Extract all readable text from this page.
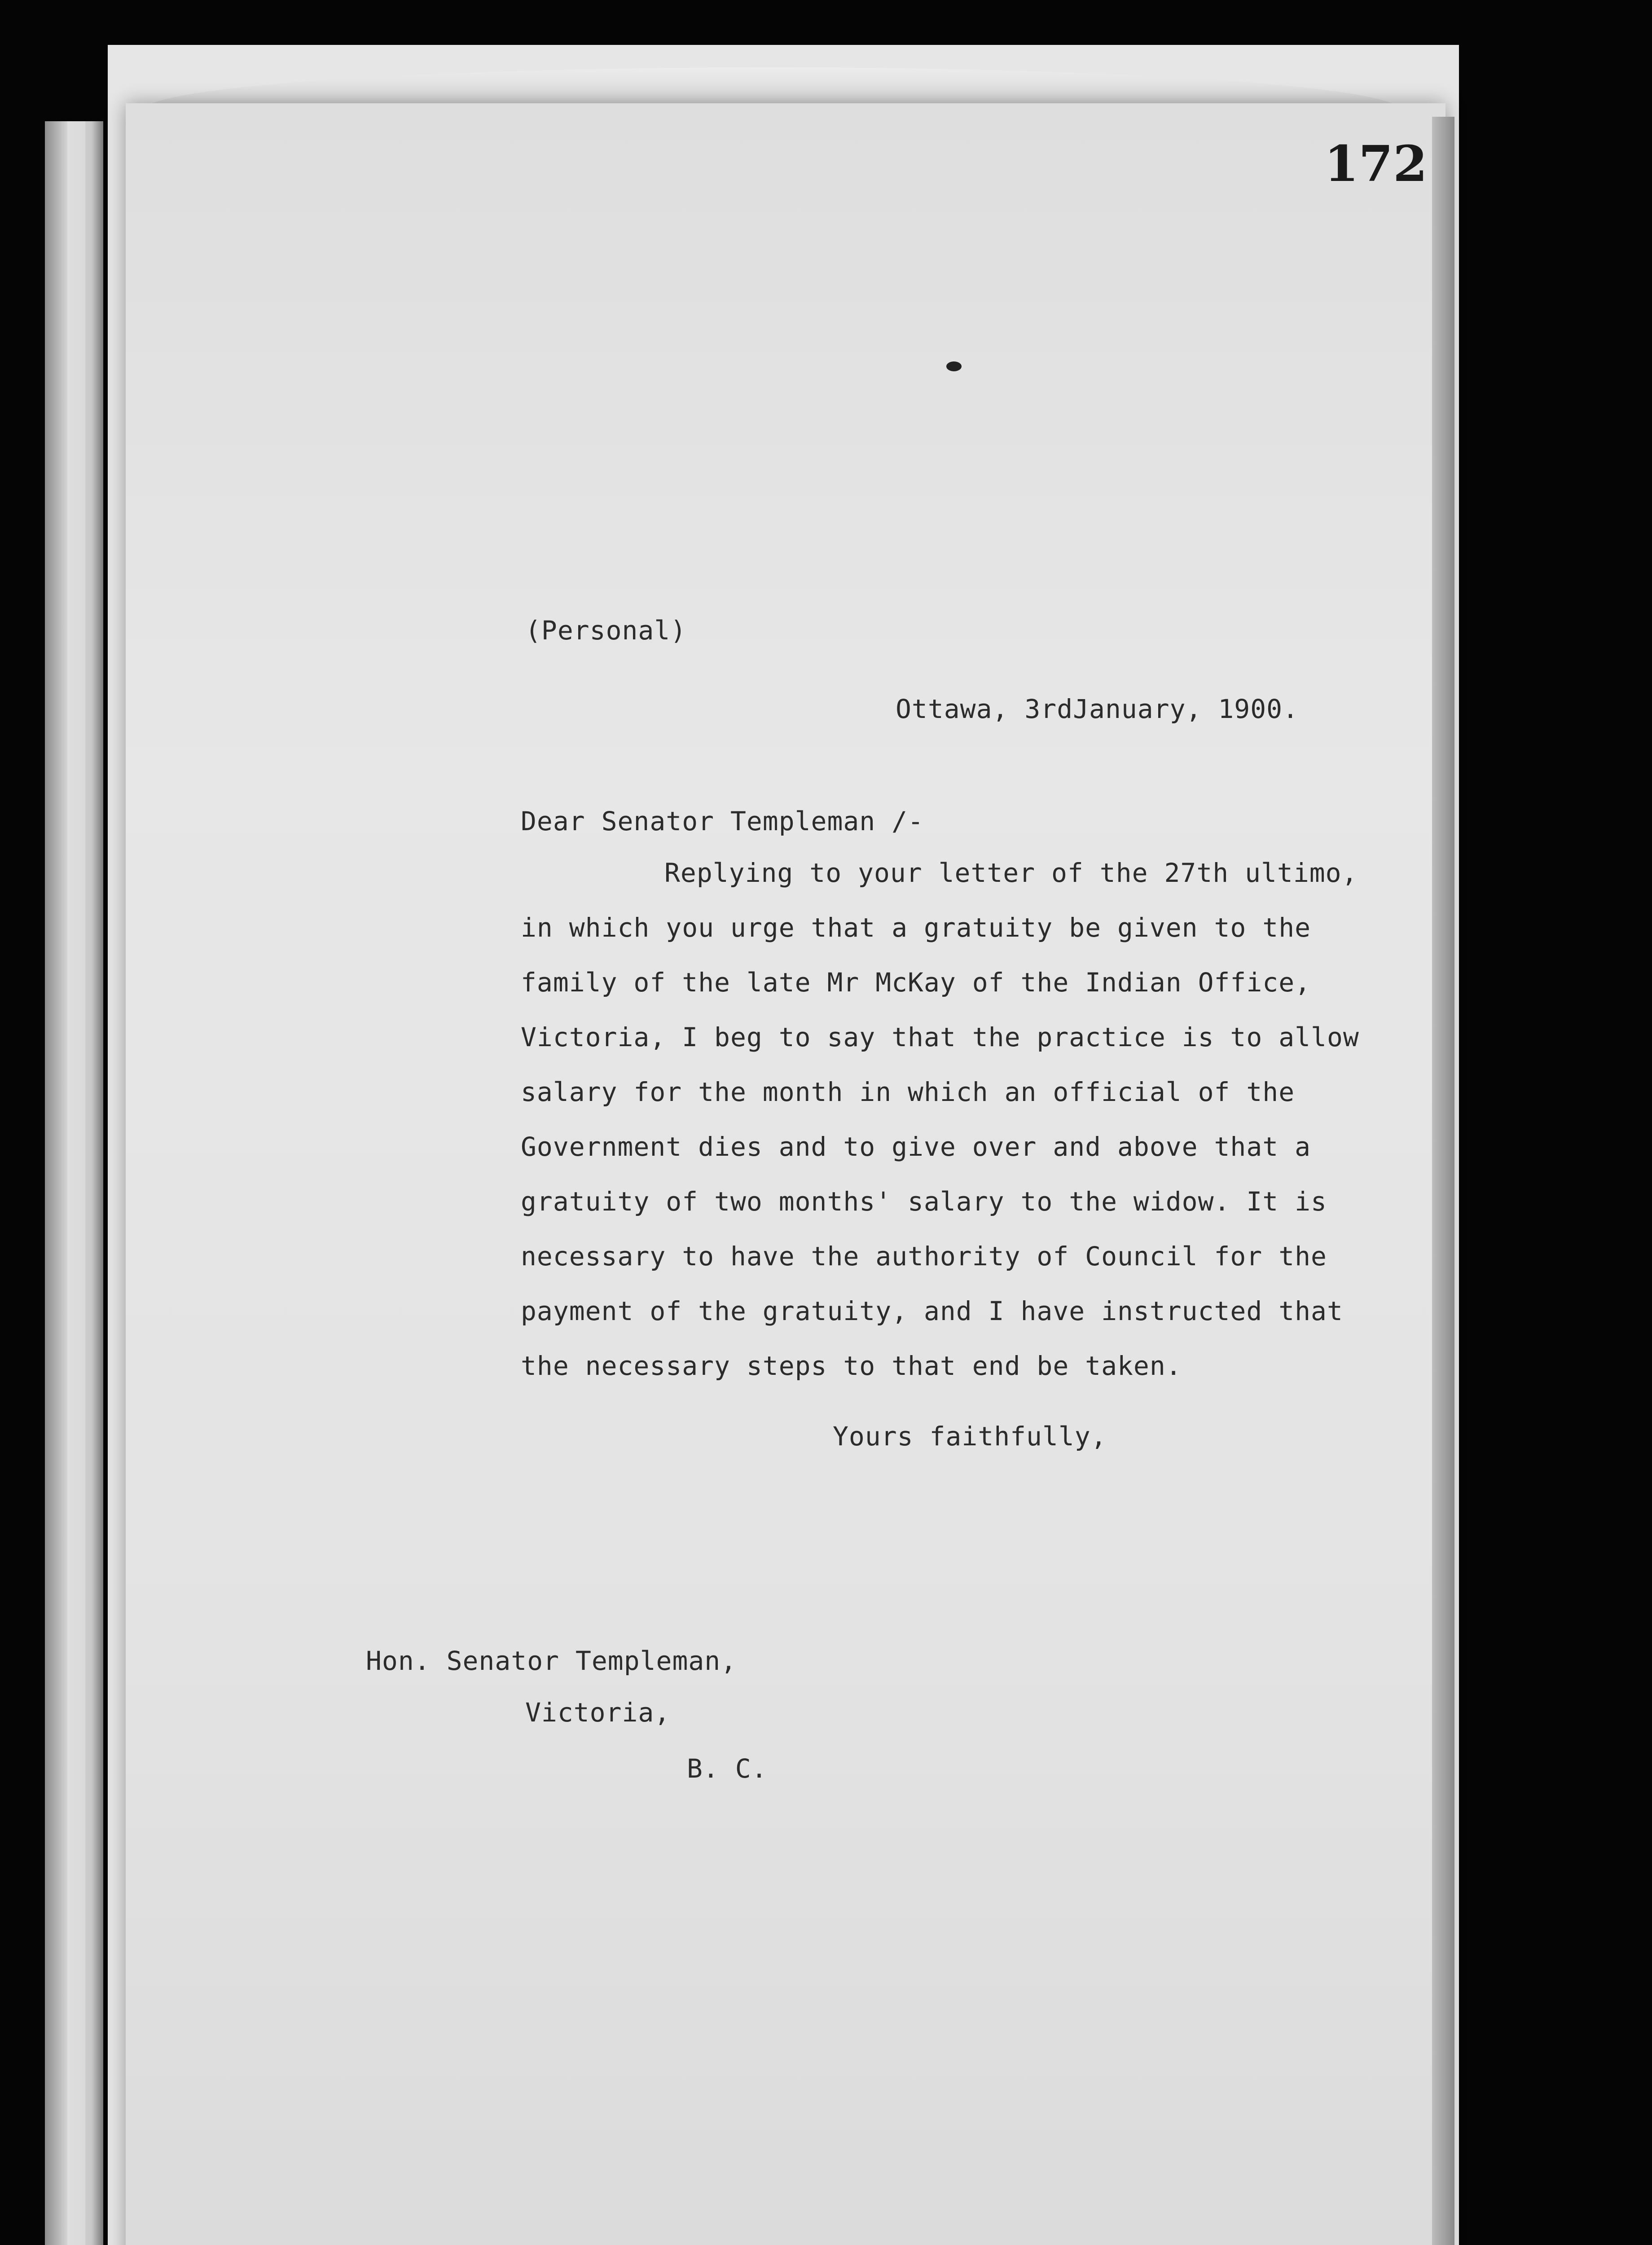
172
(Personal)
Ottawa, 3rdJanuary, 1900.
Dear Senator Templeman /-
Replying to your letter of the 27th ultimo,
in which you urge that a gratuity be given to the
family of the late Mr McKay of the Indian Office,
Victoria, I beg to say that the practice is to allow
salary for the month in which an official of the
Government dies and to give over and above that a
gratuity of two months' salary to the widow. It is
necessary to have the authority of Council for the
payment of the gratuity, and I have instructed that
the necessary steps to that end be taken.
Yours faithfully,
Hon. Senator Templeman,
Victoria,
B. C.
